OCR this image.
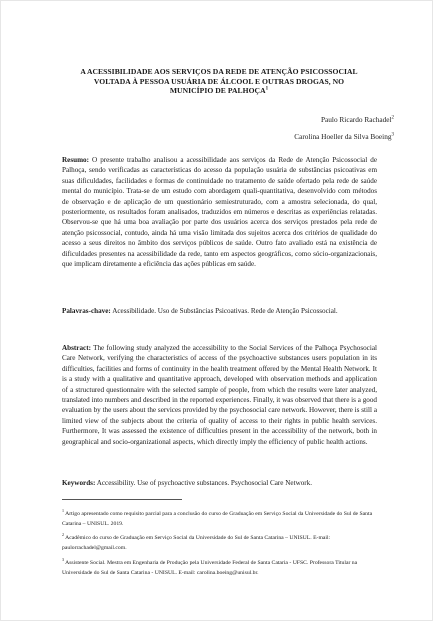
A ACESSIBILIDADE AOS SERVIÇOS DA REDE DE ATENÇÃO PSICOSSOCIAL
VOLTADA À PESSOA USUÁRIA DE ÁLCOOL E OUTRAS DROGAS, NO
MUNICÍPIO DE PALHOÇA$^1$
Paulo Ricardo Rachadel$^2$
Carolina Hoeller da Silva Boeing$^3$
Resumo: O presente trabalho analisou a acessibilidade aos serviços da Rede de Atenção Psicossocial de Palhoça, sendo verificadas as características do acesso da população usuária de substâncias psicoativas em suas dificuldades, facilidades e formas de continuidade no tratamento de saúde ofertado pela rede de saúde mental do município. Trata-se de um estudo com abordagem quali-quantitativa, desenvolvido com métodos de observação e de aplicação de um questionário semiestruturado, com a amostra selecionada, do qual, posteriormente, os resultados foram analisados, traduzidos em números e descritas as experiências relatadas. Observou-se que há uma boa avaliação por parte dos usuários acerca dos serviços prestados pela rede de atenção psicossocial, contudo, ainda há uma visão limitada dos sujeitos acerca dos critérios de qualidade do acesso a seus direitos no âmbito dos serviços públicos de saúde. Outro fato avaliado está na existência de dificuldades presentes na acessibilidade da rede, tanto em aspectos geográficos, como sócio-organizacionais, que implicam diretamente a eficiência das ações públicas em saúde.
Palavras-chave: Acessibilidade. Uso de Substâncias Psicoativas. Rede de Atenção Psicossocial.
Abstract: The following study analyzed the accessibility to the Social Services of the Palhoça Psychosocial Care Network, verifying the characteristics of access of the psychoactive substances users population in its difficulties, facilities and forms of continuity in the health treatment offered by the Mental Health Network. It is a study with a qualitative and quantitative approach, developed with observation methods and application of a structured questionnaire with the selected sample of people, from which the results were later analyzed, translated into numbers and described in the reported experiences. Finally, it was observed that there is a good evaluation by the users about the services provided by the psychosocial care network. However, there is still a limited view of the subjects about the criteria of quality of access to their rights in public health services. Furthermore, It was assessed the existence of difficulties present in the accessibility of the network, both in geographical and socio-organizational aspects, which directly imply the efficiency of public health actions.
Keywords: Accessibility. Use of psychoactive substances. Psychosocial Care Network.
$^1$ Artigo apresentado como requisito parcial para a conclusão do curso de Graduação em Serviço Social da Universidade do Sul de Santa Catarina – UNISUL. 2019.
$^2$ Acadêmico do curso de Graduação em Serviço Social da Universidade do Sul de Santa Catarina – UNISUL. E-mail: paulorrachadel@gmail.com.
$^3$ Assistente Social. Mestra em Engenharia de Produção pela Universidade Federal de Santa Cataria - UFSC. Professora Titular na Universidade do Sul de Santa Catarina - UNISUL. E-mail: carolina.boeing@unisul.br.
